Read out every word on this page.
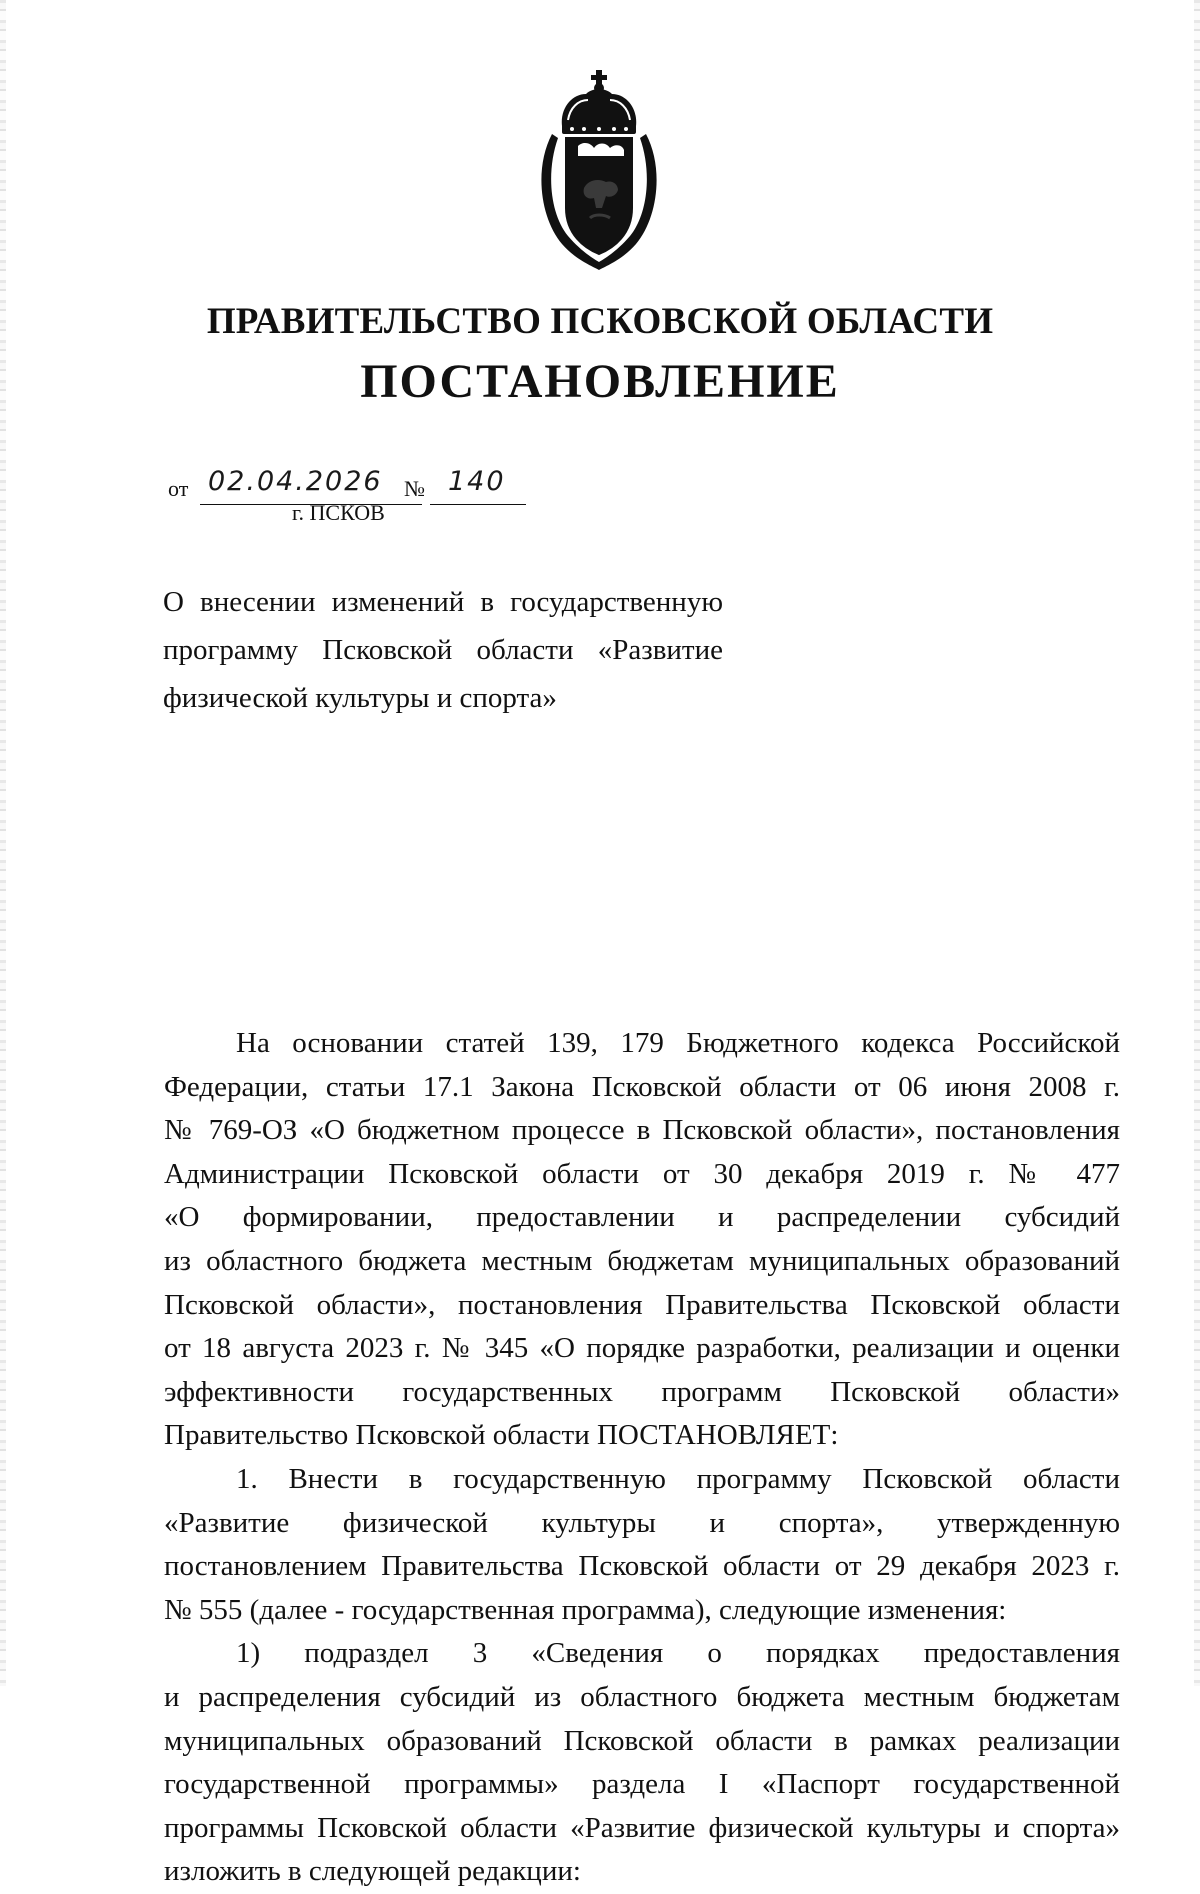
ПРАВИТЕЛЬСТВО ПСКОВСКОЙ ОБЛАСТИ
ПОСТАНОВЛЕНИЕ
от 02.04.2026 № 140
г. ПСКОВ
О внесении изменений в государственную
программу Псковской области «Развитие
физической культуры и спорта»
На основании статей 139, 179 Бюджетного кодекса Российской
Федерации, статьи 17.1 Закона Псковской области от 06 июня 2008 г.
№ 769-ОЗ «О бюджетном процессе в Псковской области», постановления
Администрации Псковской области от 30 декабря 2019 г. № 477
«О формировании, предоставлении и распределении субсидий
из областного бюджета местным бюджетам муниципальных образований
Псковской области», постановления Правительства Псковской области
от 18 августа 2023 г. № 345 «О порядке разработки, реализации и оценки
эффективности государственных программ Псковской области»
Правительство Псковской области ПОСТАНОВЛЯЕТ:
1. Внести в государственную программу Псковской области
«Развитие физической культуры и спорта», утвержденную
постановлением Правительства Псковской области от 29 декабря 2023 г.
№ 555 (далее - государственная программа), следующие изменения:
1) подраздел 3 «Сведения о порядках предоставления
и распределения субсидий из областного бюджета местным бюджетам
муниципальных образований Псковской области в рамках реализации
государственной программы» раздела I «Паспорт государственной
программы Псковской области «Развитие физической культуры и спорта»
изложить в следующей редакции:
